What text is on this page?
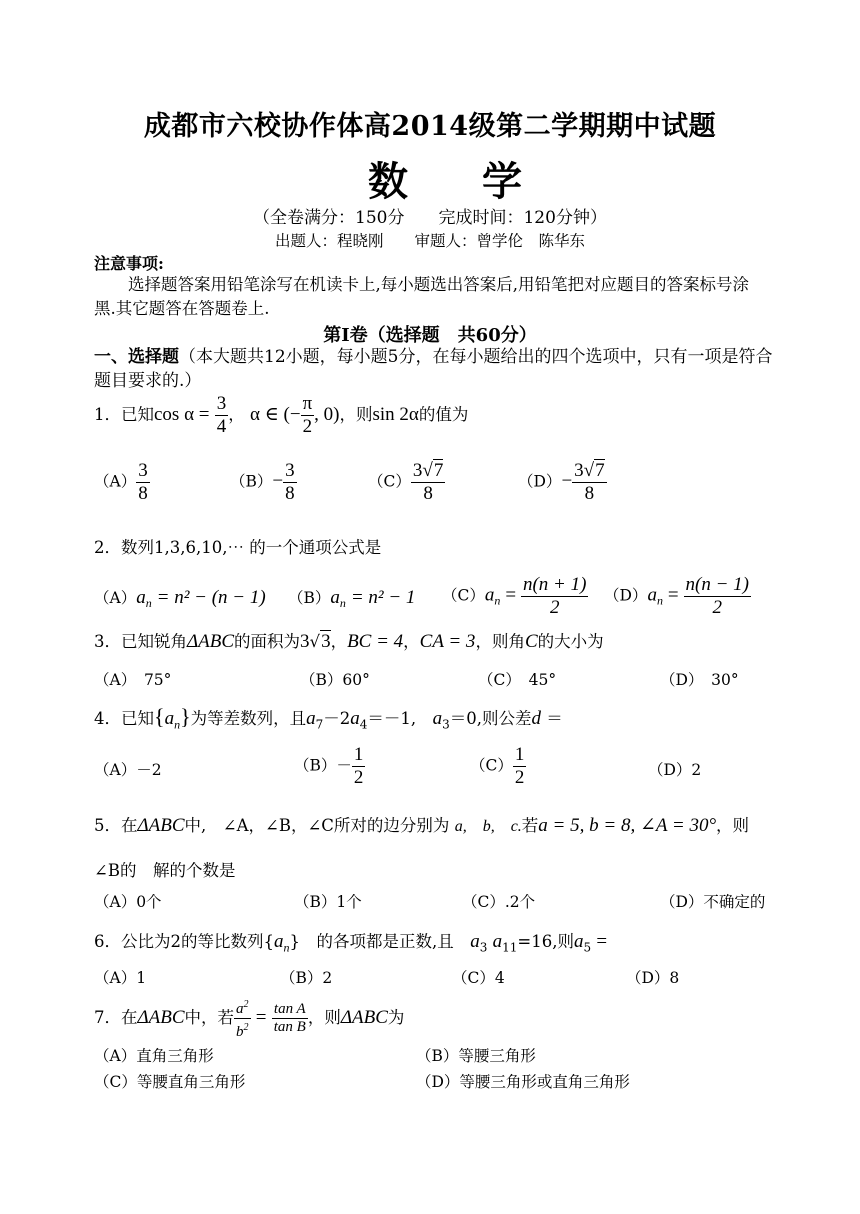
成都市六校协作体高2014级第二学期期中试题
数 学
（全卷满分：150分　　完成时间：120分钟）
出题人：程晓刚　　审题人：曾学伦　陈华东
注意事项:
选择题答案用铅笔涂写在机读卡上,每小题选出答案后,用铅笔把对应题目的答案标号涂黑.其它题答在答题卷上.
第Ⅰ卷（选择题　共60分）
一、选择题（本大题共12小题，每小题5分，在每小题给出的四个选项中，只有一项是符合题目要求的.）
1．已知$\cos \alpha = \frac{3}{4}$ ， α ∈ (− $\frac{\pi}{2}$ , 0)，则sin 2α的值为
$(A) \frac{3}{8}$	$(B)- \frac{3}{8}$	$(C) \frac{3√7}{8}$	$(D)- \frac{3√7}{8}$
2．数列1,3,6,10,⋯ 的一个通项公式是
$(A)a_n = n^2 - (n - 1) (B)a_n = n^2 - 1$ $(C)a_n = \frac{n(n + 1)}{2} (D)a_n = \frac{n(n - 1)}{2}$
3．已知锐角ΔABC的面积为3√3，BC = 4，CA = 3，则角C的大小为
（A）　75°	（B）60°	（C）　45°	（D）　30°
4．已知$\{a_n\}$为等差数列，且$a_7-2a_4=-1$,　 $a_3=0$,则公差d ＝
（A）－2	$(B)- \frac{1}{2}$	$(C) \frac{1}{2}$	（D）2
5．在ΔABC中,　∠A，∠B，∠C所对的边分别为 a,　b,　c.若a = 5, b = 8, ∠A = 30°，则
∠B的　解的个数是
（A）0个	（B）1个	（C）.2个	（D）不确定的
6．公比为2的等比数列$\{a_n\}$　的各项都是正数,且　 $a_3$ $a_{11}=16$,则$a_5$ =
（A）1	（B）2	（C）4	（D）8
7．在ΔABC中，若 $\frac{a^2}{b^2} = \frac{\text{tan A}}{\text{tan B}}$ ，则ΔABC为
（A）直角三角形	（B）等腰三角形
（C）等腰直角三角形	（D）等腰三角形或直角三角形
